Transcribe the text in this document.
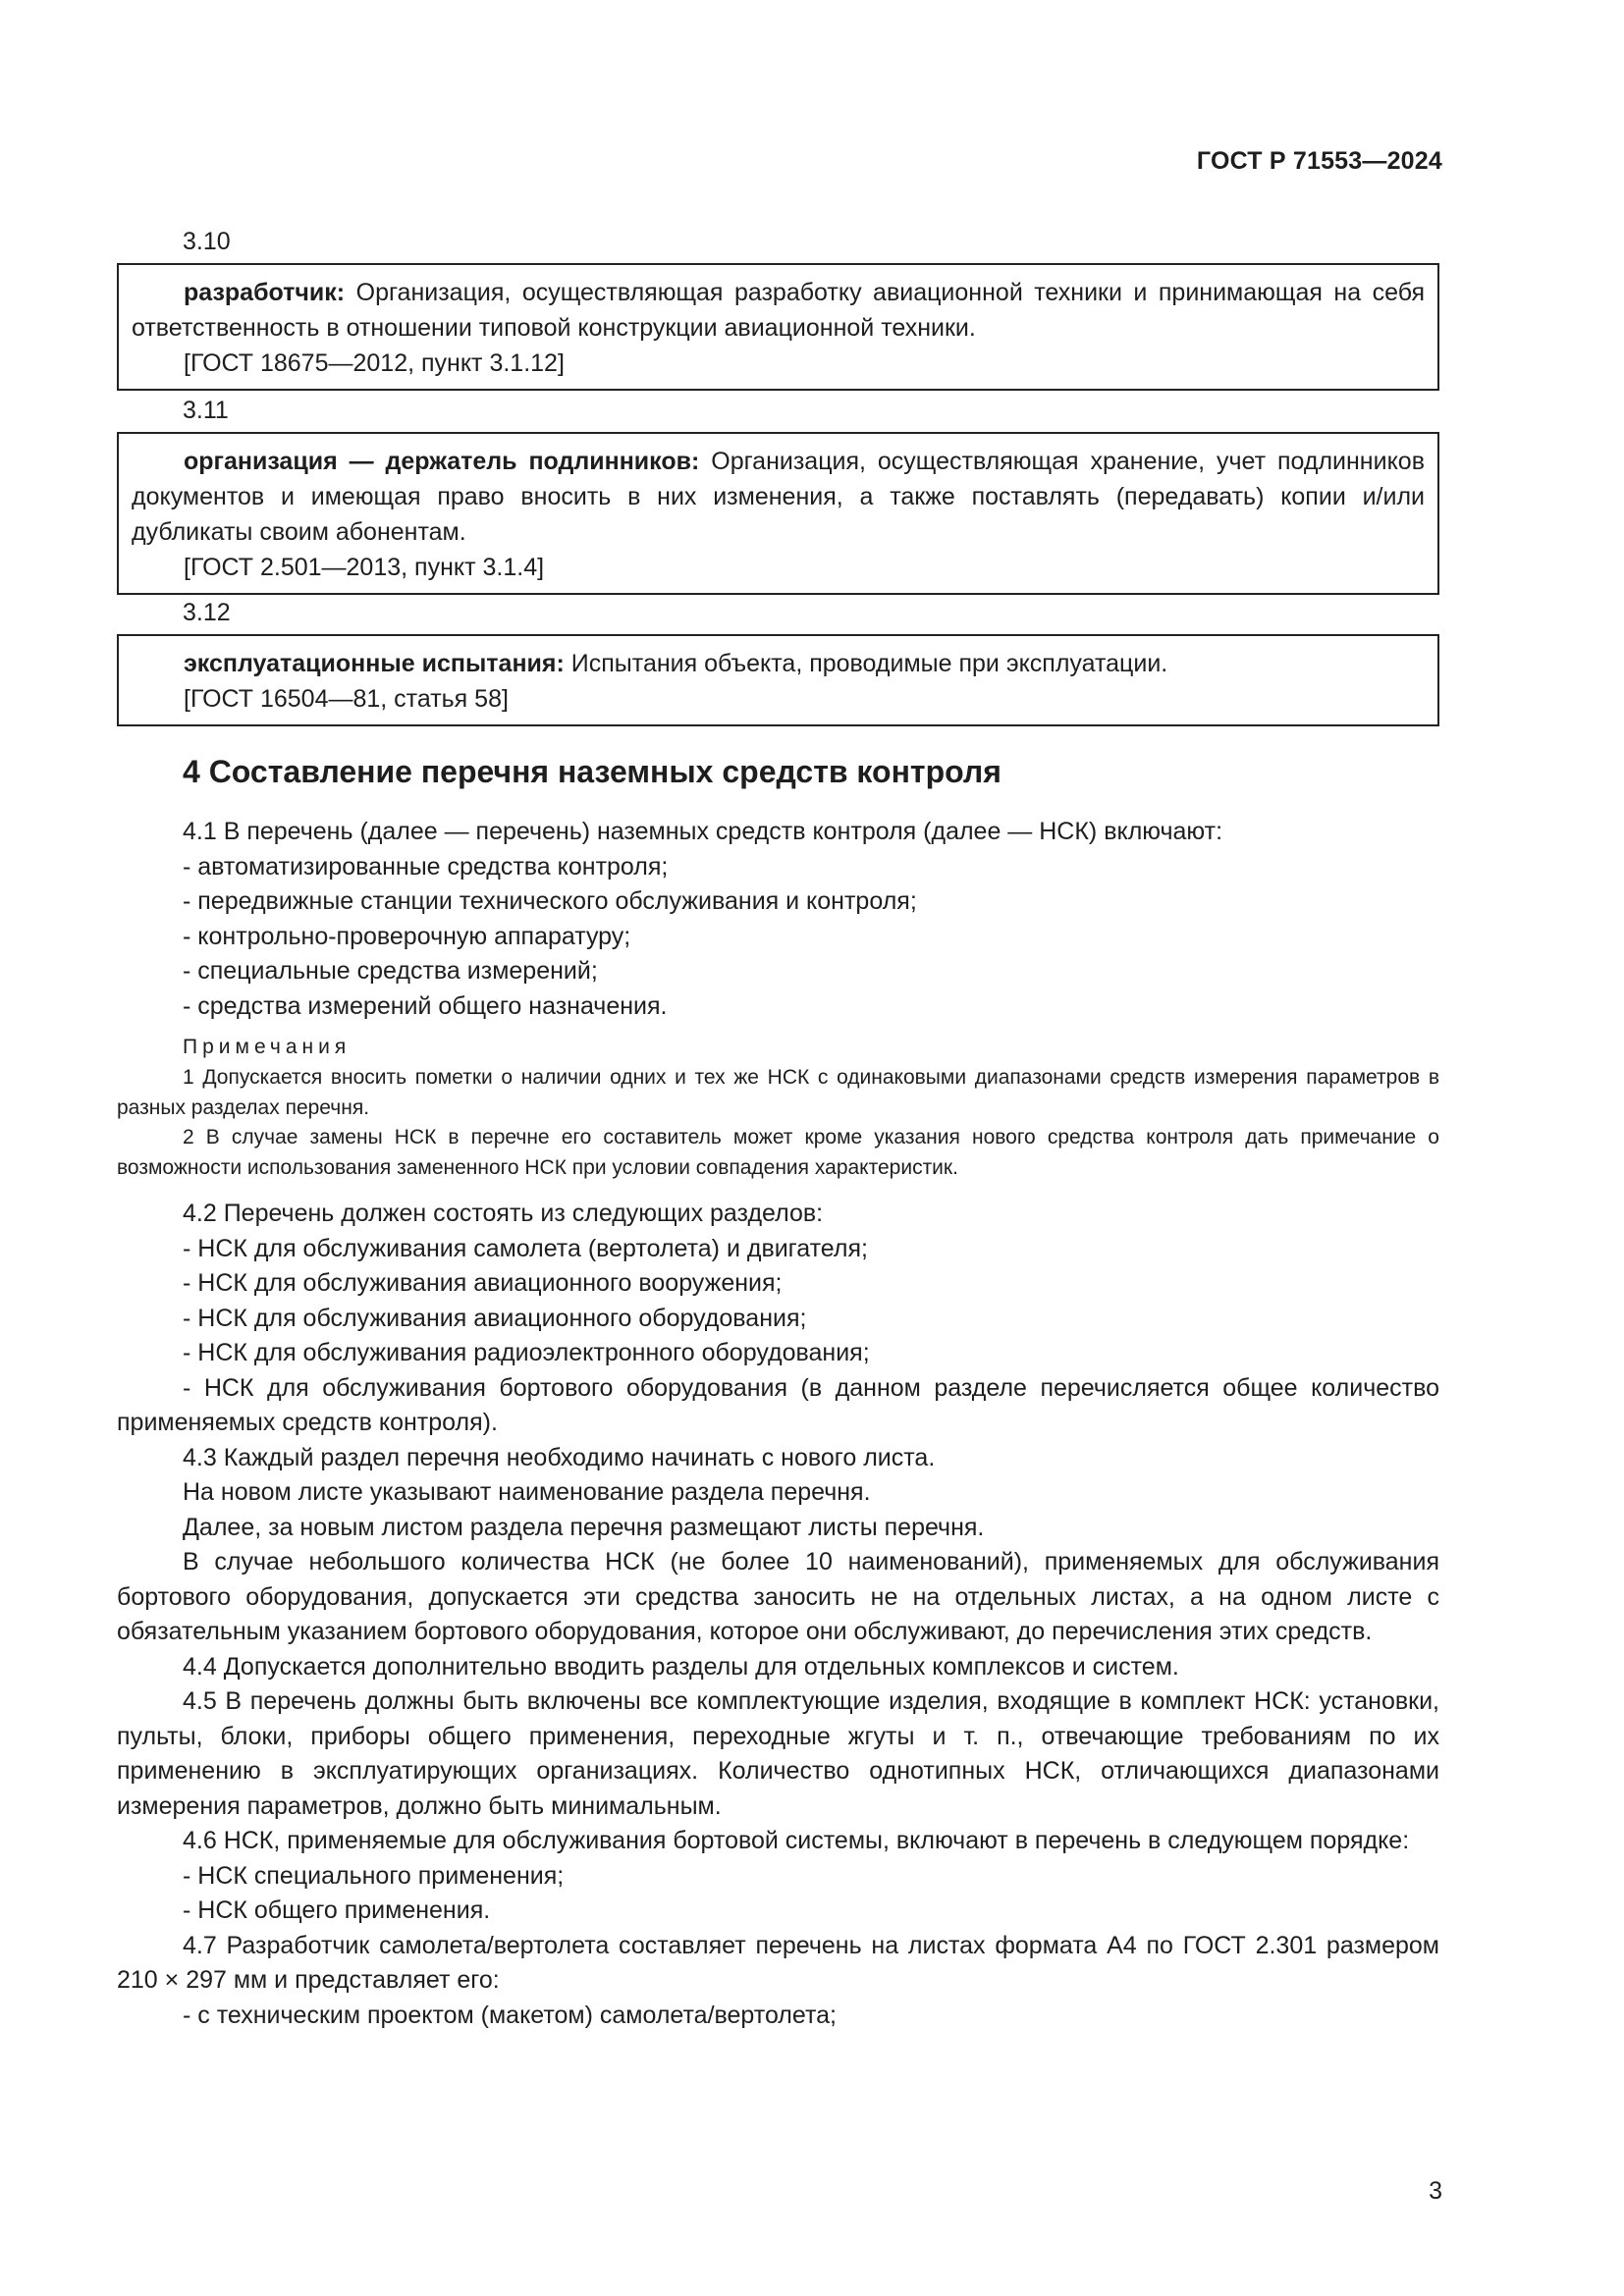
ГОСТ Р 71553—2024
3.10

разработчик: Организация, осуществляющая разработку авиационной техники и принимающая на себя ответственность в отношении типовой конструкции авиационной техники.

[ГОСТ 18675—2012, пункт 3.1.12]

3.11

организация — держатель подлинников: Организация, осуществляющая хранение, учет подлинников документов и имеющая право вносить в них изменения, а также поставлять (передавать) копии и/или дубликаты своим абонентам.

[ГОСТ 2.501—2013, пункт 3.1.4]

3.12

эксплуатационные испытания: Испытания объекта, проводимые при эксплуатации.

[ГОСТ 16504—81, статья 58]

4 Составление перечня наземных средств контроля

4.1 В перечень (далее — перечень) наземных средств контроля (далее — НСК) включают:

- автоматизированные средства контроля;

- передвижные станции технического обслуживания и контроля;

- контрольно-проверочную аппаратуру;

- специальные средства измерений;

- средства измерений общего назначения.

Примечания

1 Допускается вносить пометки о наличии одних и тех же НСК с одинаковыми диапазонами средств измерения параметров в разных разделах перечня.

2 В случае замены НСК в перечне его составитель может кроме указания нового средства контроля дать примечание о возможности использования замененного НСК при условии совпадения характеристик.

4.2 Перечень должен состоять из следующих разделов:

- НСК для обслуживания самолета (вертолета) и двигателя;

- НСК для обслуживания авиационного вооружения;

- НСК для обслуживания авиационного оборудования;

- НСК для обслуживания радиоэлектронного оборудования;

- НСК для обслуживания бортового оборудования (в данном разделе перечисляется общее количество применяемых средств контроля).

4.3 Каждый раздел перечня необходимо начинать с нового листа.

На новом листе указывают наименование раздела перечня.

Далее, за новым листом раздела перечня размещают листы перечня.

В случае небольшого количества НСК (не более 10 наименований), применяемых для обслуживания бортового оборудования, допускается эти средства заносить не на отдельных листах, а на одном листе с обязательным указанием бортового оборудования, которое они обслуживают, до перечисления этих средств.

4.4 Допускается дополнительно вводить разделы для отдельных комплексов и систем.

4.5 В перечень должны быть включены все комплектующие изделия, входящие в комплект НСК: установки, пульты, блоки, приборы общего применения, переходные жгуты и т. п., отвечающие требованиям по их применению в эксплуатирующих организациях. Количество однотипных НСК, отличающихся диапазонами измерения параметров, должно быть минимальным.

4.6 НСК, применяемые для обслуживания бортовой системы, включают в перечень в следующем порядке:

- НСК специального применения;

- НСК общего применения.

4.7 Разработчик самолета/вертолета составляет перечень на листах формата А4 по ГОСТ 2.301 размером 210 × 297 мм и представляет его:

- с техническим проектом (макетом) самолета/вертолета;

3
